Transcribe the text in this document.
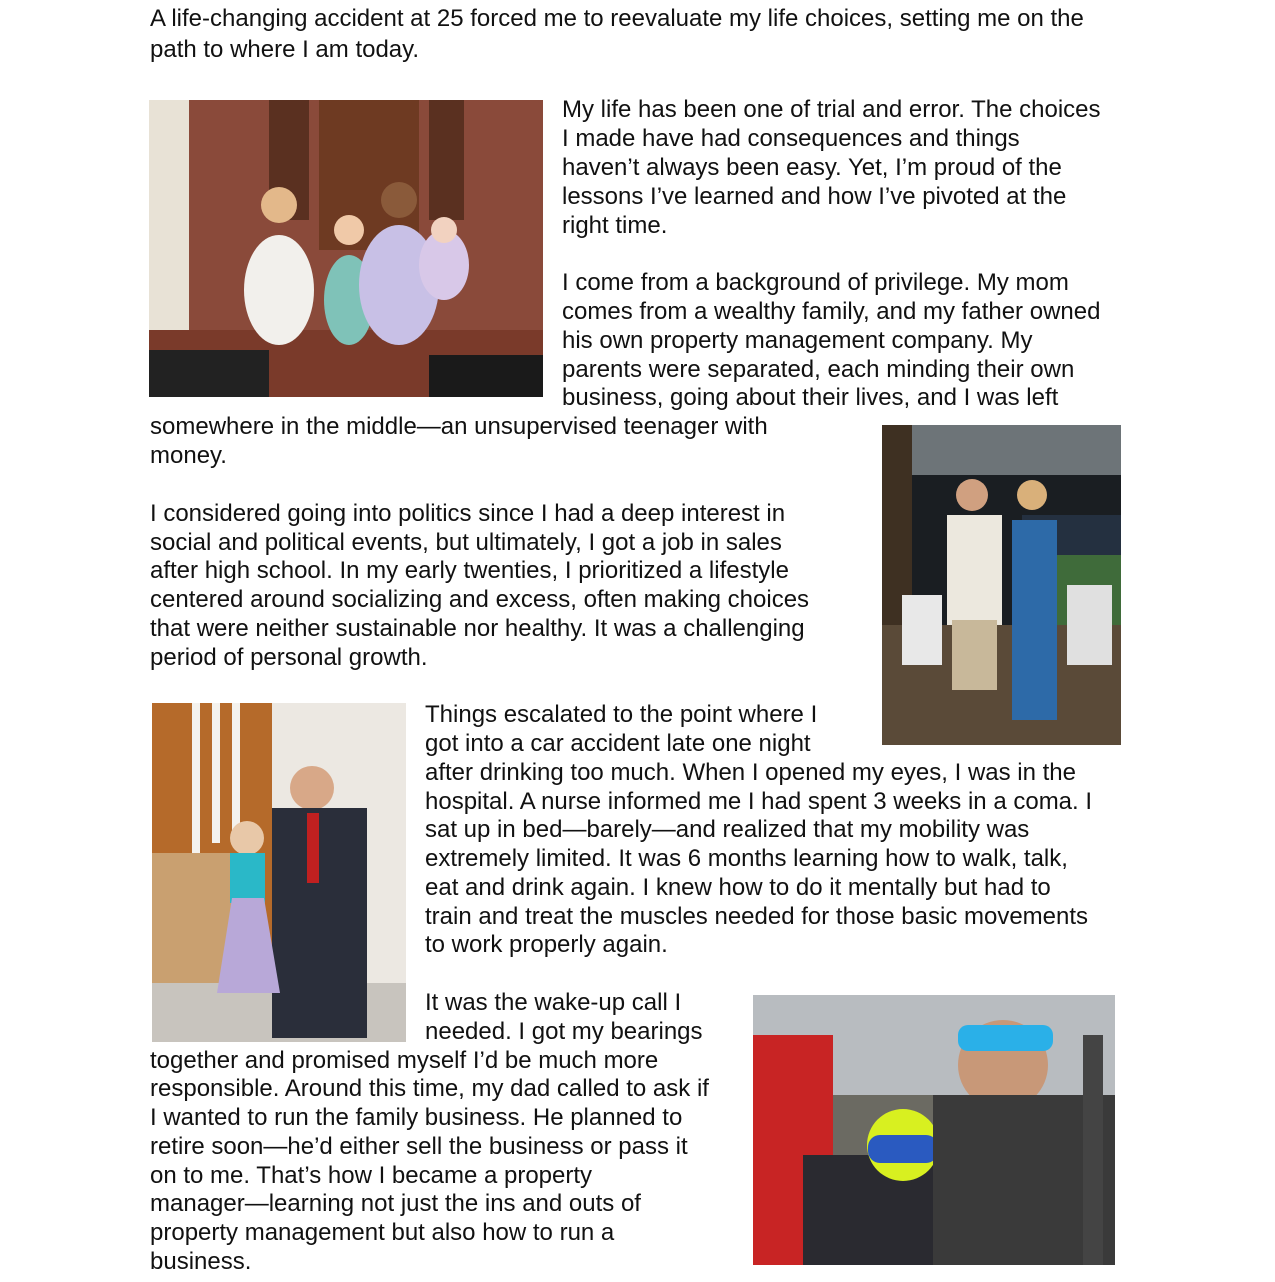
A life-changing accident at 25 forced me to reevaluate my life choices, setting me on the
path to where I am today.
My life has been one of trial and error. The choices
I made have had consequences and things
haven’t always been easy. Yet, I’m proud of the
lessons I’ve learned and how I’ve pivoted at the
right time.
I come from a background of privilege. My mom
comes from a wealthy family, and my father owned
his own property management company. My
parents were separated, each minding their own
business, going about their lives, and I was left
somewhere in the middle—an unsupervised teenager with
money.
I considered going into politics since I had a deep interest in
social and political events, but ultimately, I got a job in sales
after high school. In my early twenties, I prioritized a lifestyle
centered around socializing and excess, often making choices
that were neither sustainable nor healthy. It was a challenging
period of personal growth.
Things escalated to the point where I
got into a car accident late one night
after drinking too much. When I opened my eyes, I was in the
hospital. A nurse informed me I had spent 3 weeks in a coma. I
sat up in bed—barely—and realized that my mobility was
extremely limited. It was 6 months learning how to walk, talk,
eat and drink again. I knew how to do it mentally but had to
train and treat the muscles needed for those basic movements
to work properly again.
It was the wake-up call I
needed. I got my bearings
together and promised myself I’d be much more
responsible. Around this time, my dad called to ask if
I wanted to run the family business. He planned to
retire soon—he’d either sell the business or pass it
on to me. That’s how I became a property
manager—learning not just the ins and outs of
property management but also how to run a
business.
